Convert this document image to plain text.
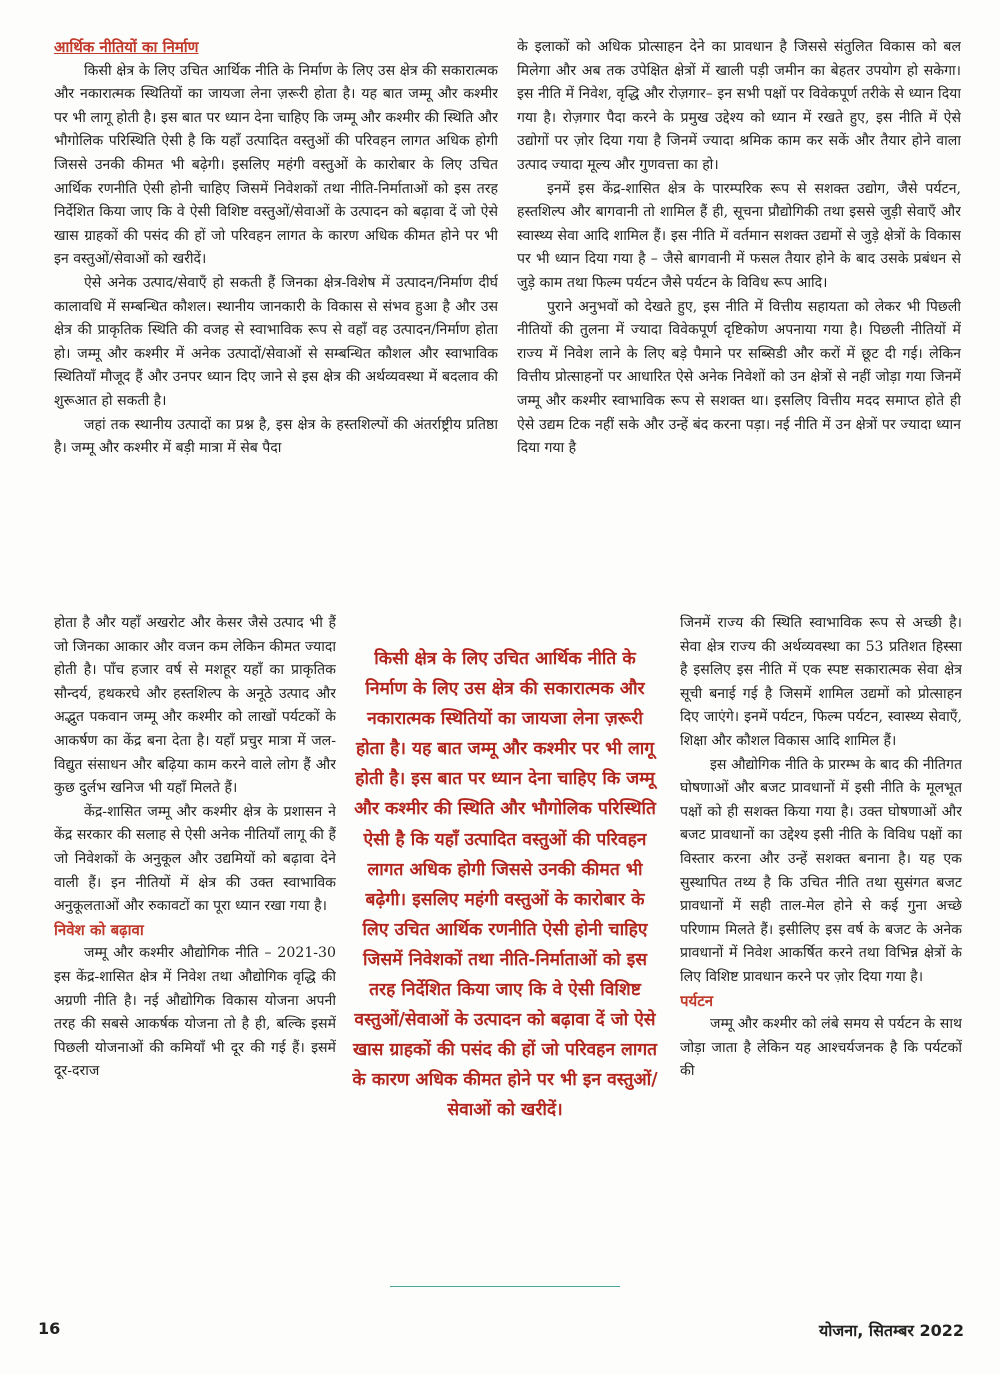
आर्थिक नीतियों का निर्माण

किसी क्षेत्र के लिए उचित आर्थिक नीति के निर्माण के लिए उस क्षेत्र की सकारात्मक और नकारात्मक स्थितियों का जायजा लेना ज़रूरी होता है। यह बात जम्मू और कश्मीर पर भी लागू होती है। इस बात पर ध्यान देना चाहिए कि जम्मू और कश्मीर की स्थिति और भौगोलिक परिस्थिति ऐसी है कि यहाँ उत्पादित वस्तुओं की परिवहन लागत अधिक होगी जिससे उनकी कीमत भी बढ़ेगी। इसलिए महंगी वस्तुओं के कारोबार के लिए उचित आर्थिक रणनीति ऐसी होनी चाहिए जिसमें निवेशकों तथा नीति-निर्माताओं को इस तरह निर्देशित किया जाए कि वे ऐसी विशिष्ट वस्तुओं/सेवाओं के उत्पादन को बढ़ावा दें जो ऐसे खास ग्राहकों की पसंद की हों जो परिवहन लागत के कारण अधिक कीमत होने पर भी इन वस्तुओं/सेवाओं को खरीदें।

ऐसे अनेक उत्पाद/सेवाएँ हो सकती हैं जिनका क्षेत्र-विशेष में उत्पादन/निर्माण दीर्घ कालावधि में सम्बन्धित कौशल। स्थानीय जानकारी के विकास से संभव हुआ है और उस क्षेत्र की प्राकृतिक स्थिति की वजह से स्वाभाविक रूप से वहाँ वह उत्पादन/निर्माण होता हो। जम्मू और कश्मीर में अनेक उत्पादों/सेवाओं से सम्बन्धित कौशल और स्वाभाविक स्थितियाँ मौजूद हैं और उनपर ध्यान दिए जाने से इस क्षेत्र की अर्थव्यवस्था में बदलाव की शुरूआत हो सकती है।

जहां तक स्थानीय उत्पादों का प्रश्न है, इस क्षेत्र के हस्तशिल्पों की अंतर्राष्ट्रीय प्रतिष्ठा है। जम्मू और कश्मीर में बड़ी मात्रा में सेब पैदा

होता है और यहाँ अखरोट और केसर जैसे उत्पाद भी हैं जो जिनका आकार और वजन कम लेकिन कीमत ज्यादा होती है। पाँच हजार वर्ष से मशहूर यहाँ का प्राकृतिक सौन्दर्य, हथकरघे और हस्तशिल्प के अनूठे उत्पाद और अद्भुत पकवान जम्मू और कश्मीर को लाखों पर्यटकों के आकर्षण का केंद्र बना देता है। यहाँ प्रचुर मात्रा में जल-विद्युत संसाधन और बढ़िया काम करने वाले लोग हैं और कुछ दुर्लभ खनिज भी यहाँ मिलते हैं।

केंद्र-शासित जम्मू और कश्मीर क्षेत्र के प्रशासन ने केंद्र सरकार की सलाह से ऐसी अनेक नीतियाँ लागू की हैं जो निवेशकों के अनुकूल और उद्यमियों को बढ़ावा देने वाली हैं। इन नीतियों में क्षेत्र की उक्त स्वाभाविक अनुकूलताओं और रुकावटों का पूरा ध्यान रखा गया है।

निवेश को बढ़ावा

जम्मू और कश्मीर औद्योगिक नीति – 2021-30 इस केंद्र-शासित क्षेत्र में निवेश तथा औद्योगिक वृद्धि की अग्रणी नीति है। नई औद्योगिक विकास योजना अपनी तरह की सबसे आकर्षक योजना तो है ही, बल्कि इसमें पिछली योजनाओं की कमियाँ भी दूर की गई हैं। इसमें दूर-दराज

के इलाकों को अधिक प्रोत्साहन देने का प्रावधान है जिससे संतुलित विकास को बल मिलेगा और अब तक उपेक्षित क्षेत्रों में खाली पड़ी जमीन का बेहतर उपयोग हो सकेगा। इस नीति में निवेश, वृद्धि और रोज़गार– इन सभी पक्षों पर विवेकपूर्ण तरीके से ध्यान दिया गया है। रोज़गार पैदा करने के प्रमुख उद्देश्य को ध्यान में रखते हुए, इस नीति में ऐसे उद्योगों पर ज़ोर दिया गया है जिनमें ज्यादा श्रमिक काम कर सकें और तैयार होने वाला उत्पाद ज्यादा मूल्य और गुणवत्ता का हो।

इनमें इस केंद्र-शासित क्षेत्र के पारम्परिक रूप से सशक्त उद्योग, जैसे पर्यटन, हस्तशिल्प और बागवानी तो शामिल हैं ही, सूचना प्रौद्योगिकी तथा इससे जुड़ी सेवाएँ और स्वास्थ्य सेवा आदि शामिल हैं। इस नीति में वर्तमान सशक्त उद्यमों से जुड़े क्षेत्रों के विकास पर भी ध्यान दिया गया है – जैसे बागवानी में फसल तैयार होने के बाद उसके प्रबंधन से जुड़े काम तथा फिल्म पर्यटन जैसे पर्यटन के विविध रूप आदि।

पुराने अनुभवों को देखते हुए, इस नीति में वित्तीय सहायता को लेकर भी पिछली नीतियों की तुलना में ज्यादा विवेकपूर्ण दृष्टिकोण अपनाया गया है। पिछली नीतियों में राज्य में निवेश लाने के लिए बड़े पैमाने पर सब्सिडी और करों में छूट दी गई। लेकिन वित्तीय प्रोत्साहनों पर आधारित ऐसे अनेक निवेशों को उन क्षेत्रों से नहीं जोड़ा गया जिनमें जम्मू और कश्मीर स्वाभाविक रूप से सशक्त था। इसलिए वित्तीय मदद समाप्त होते ही ऐसे उद्यम टिक नहीं सके और उन्हें बंद करना पड़ा। नई नीति में उन क्षेत्रों पर ज्यादा ध्यान दिया गया है

जिनमें राज्य की स्थिति स्वाभाविक रूप से अच्छी है। सेवा क्षेत्र राज्य की अर्थव्यवस्था का 53 प्रतिशत हिस्सा है इसलिए इस नीति में एक स्पष्ट सकारात्मक सेवा क्षेत्र सूची बनाई गई है जिसमें शामिल उद्यमों को प्रोत्साहन दिए जाएंगे। इनमें पर्यटन, फिल्म पर्यटन, स्वास्थ्य सेवाएँ, शिक्षा और कौशल विकास आदि शामिल हैं।

इस औद्योगिक नीति के प्रारम्भ के बाद की नीतिगत घोषणाओं और बजट प्रावधानों में इसी नीति के मूलभूत पक्षों को ही सशक्त किया गया है। उक्त घोषणाओं और बजट प्रावधानों का उद्देश्य इसी नीति के विविध पक्षों का विस्तार करना और उन्हें सशक्त बनाना है। यह एक सुस्थापित तथ्य है कि उचित नीति तथा सुसंगत बजट प्रावधानों में सही ताल-मेल होने से कई गुना अच्छे परिणाम मिलते हैं। इसीलिए इस वर्ष के बजट के अनेक प्रावधानों में निवेश आकर्षित करने तथा विभिन्न क्षेत्रों के लिए विशिष्ट प्रावधान करने पर ज़ोर दिया गया है।

पर्यटन

जम्मू और कश्मीर को लंबे समय से पर्यटन के साथ जोड़ा जाता है लेकिन यह आश्चर्यजनक है कि पर्यटकों की

किसी क्षेत्र के लिए उचित आर्थिक नीति के निर्माण के लिए उस क्षेत्र की सकारात्मक और नकारात्मक स्थितियों का जायजा लेना ज़रूरी होता है। यह बात जम्मू और कश्मीर पर भी लागू होती है। इस बात पर ध्यान देना चाहिए कि जम्मू और कश्मीर की स्थिति और भौगोलिक परिस्थिति ऐसी है कि यहाँ उत्पादित वस्तुओं की परिवहन लागत अधिक होगी जिससे उनकी कीमत भी बढ़ेगी। इसलिए महंगी वस्तुओं के कारोबार के लिए उचित आर्थिक रणनीति ऐसी होनी चाहिए जिसमें निवेशकों तथा नीति-निर्माताओं को इस तरह निर्देशित किया जाए कि वे ऐसी विशिष्ट वस्तुओं/सेवाओं के उत्पादन को बढ़ावा दें जो ऐसे खास ग्राहकों की पसंद की हों जो परिवहन लागत के कारण अधिक कीमत होने पर भी इन वस्तुओं/सेवाओं को खरीदें।

16	योजना, सितम्बर 2022
